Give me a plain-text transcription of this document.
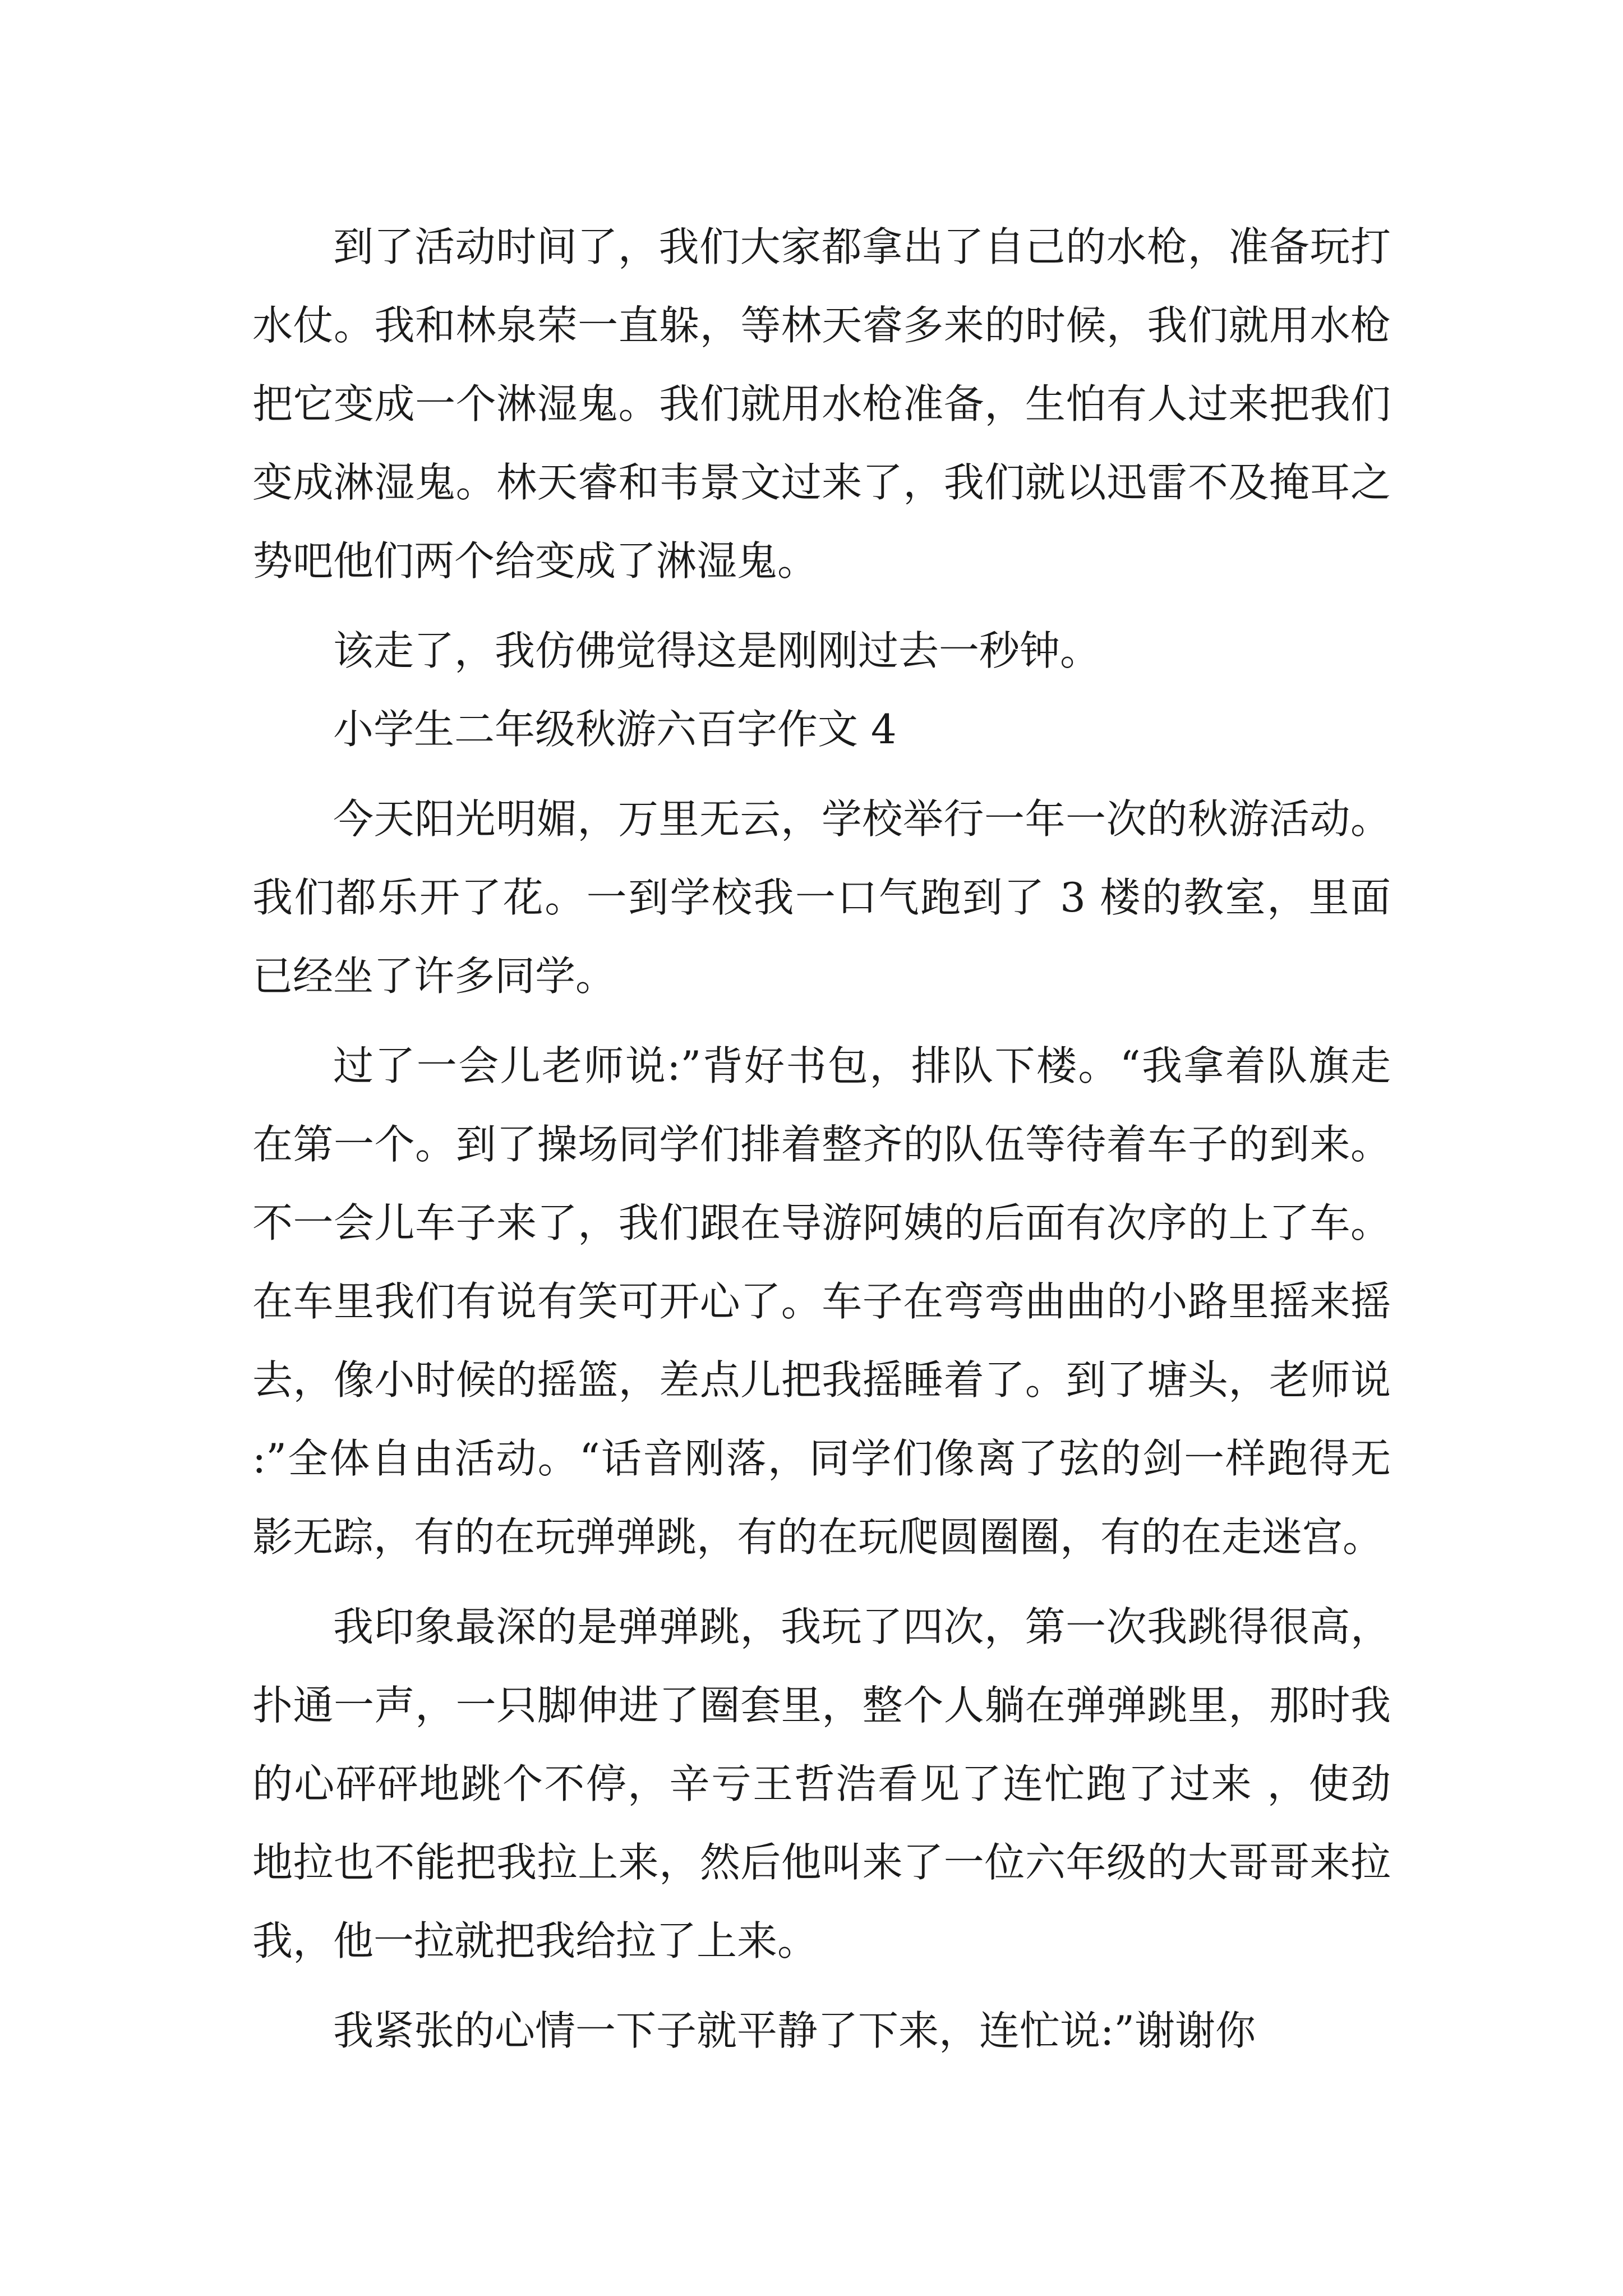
到了活动时间了，我们大家都拿出了自己的水枪，准备玩打水仗。我和林泉荣一直躲，等林天睿多来的时候，我们就用水枪把它变成一个淋湿鬼。我们就用水枪准备，生怕有人过来把我们变成淋湿鬼。林天睿和韦景文过来了，我们就以迅雷不及掩耳之势吧他们两个给变成了淋湿鬼。

该走了，我仿佛觉得这是刚刚过去一秒钟。

小学生二年级秋游六百字作文 4

今天阳光明媚，万里无云，学校举行一年一次的秋游活动。我们都乐开了花。一到学校我一口气跑到了 3 楼的教室，里面已经坐了许多同学。

过了一会儿老师说:”背好书包，排队下楼。“我拿着队旗走在第一个。到了操场同学们排着整齐的队伍等待着车子的到来。不一会儿车子来了，我们跟在导游阿姨的后面有次序的上了车。在车里我们有说有笑可开心了。车子在弯弯曲曲的小路里摇来摇去，像小时候的摇篮，差点儿把我摇睡着了。到了塘头，老师说:”全体自由活动。“话音刚落，同学们像离了弦的剑一样跑得无影无踪，有的在玩弹弹跳，有的在玩爬圆圈圈，有的在走迷宫。

我印象最深的是弹弹跳，我玩了四次，第一次我跳得很高，扑通一声，一只脚伸进了圈套里，整个人躺在弹弹跳里，那时我的心砰砰地跳个不停，辛亏王哲浩看见了连忙跑了过来 ，使劲地拉也不能把我拉上来，然后他叫来了一位六年级的大哥哥来拉我，他一拉就把我给拉了上来。

我紧张的心情一下子就平静了下来，连忙说:”谢谢你
